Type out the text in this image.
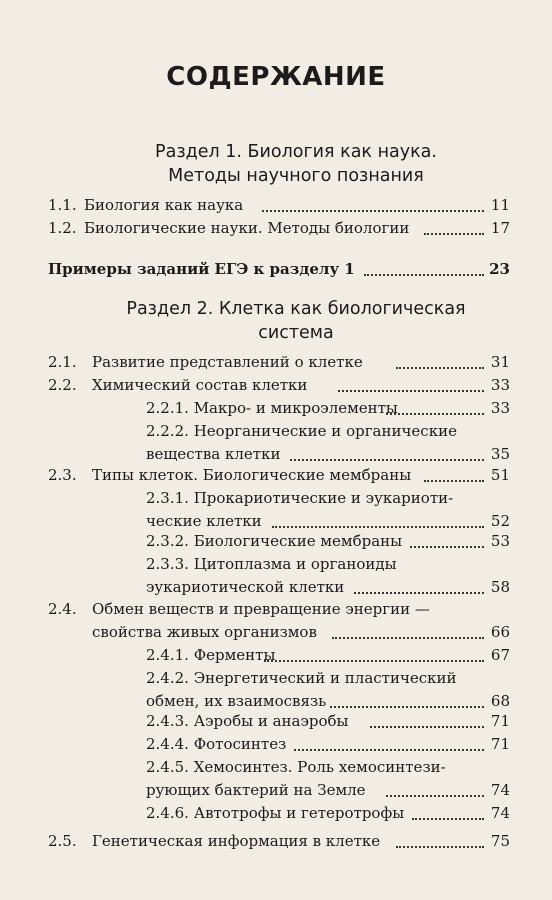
СОДЕРЖАНИЕ
Раздел 1. Биология как наука.
Методы научного познания
1.1. Биология как наука	11
1.2. Биологические науки. Методы биологии	17
Примеры заданий ЕГЭ к разделу 1	23
Раздел 2. Клетка как биологическая
система
2.1. Развитие представлений о клетке	31
2.2. Химический состав клетки	33
2.2.1. Макро- и микроэлементы	33
2.2.2. Неорганические и органические
вещества клетки	35
2.3. Типы клеток. Биологические мембраны	51
2.3.1. Прокариотические и эукариоти-
ческие клетки	52
2.3.2. Биологические мембраны	53
2.3.3. Цитоплазма и органоиды
эукариотической клетки	58
2.4. Обмен веществ и превращение энергии —
свойства живых организмов	66
2.4.1. Ферменты	67
2.4.2. Энергетический и пластический
обмен, их взаимосвязь	68
2.4.3. Аэробы и анаэробы	71
2.4.4. Фотосинтез	71
2.4.5. Хемосинтез. Роль хемосинтези-
рующих бактерий на Земле	74
2.4.6. Автотрофы и гетеротрофы	74
2.5. Генетическая информация в клетке	75
